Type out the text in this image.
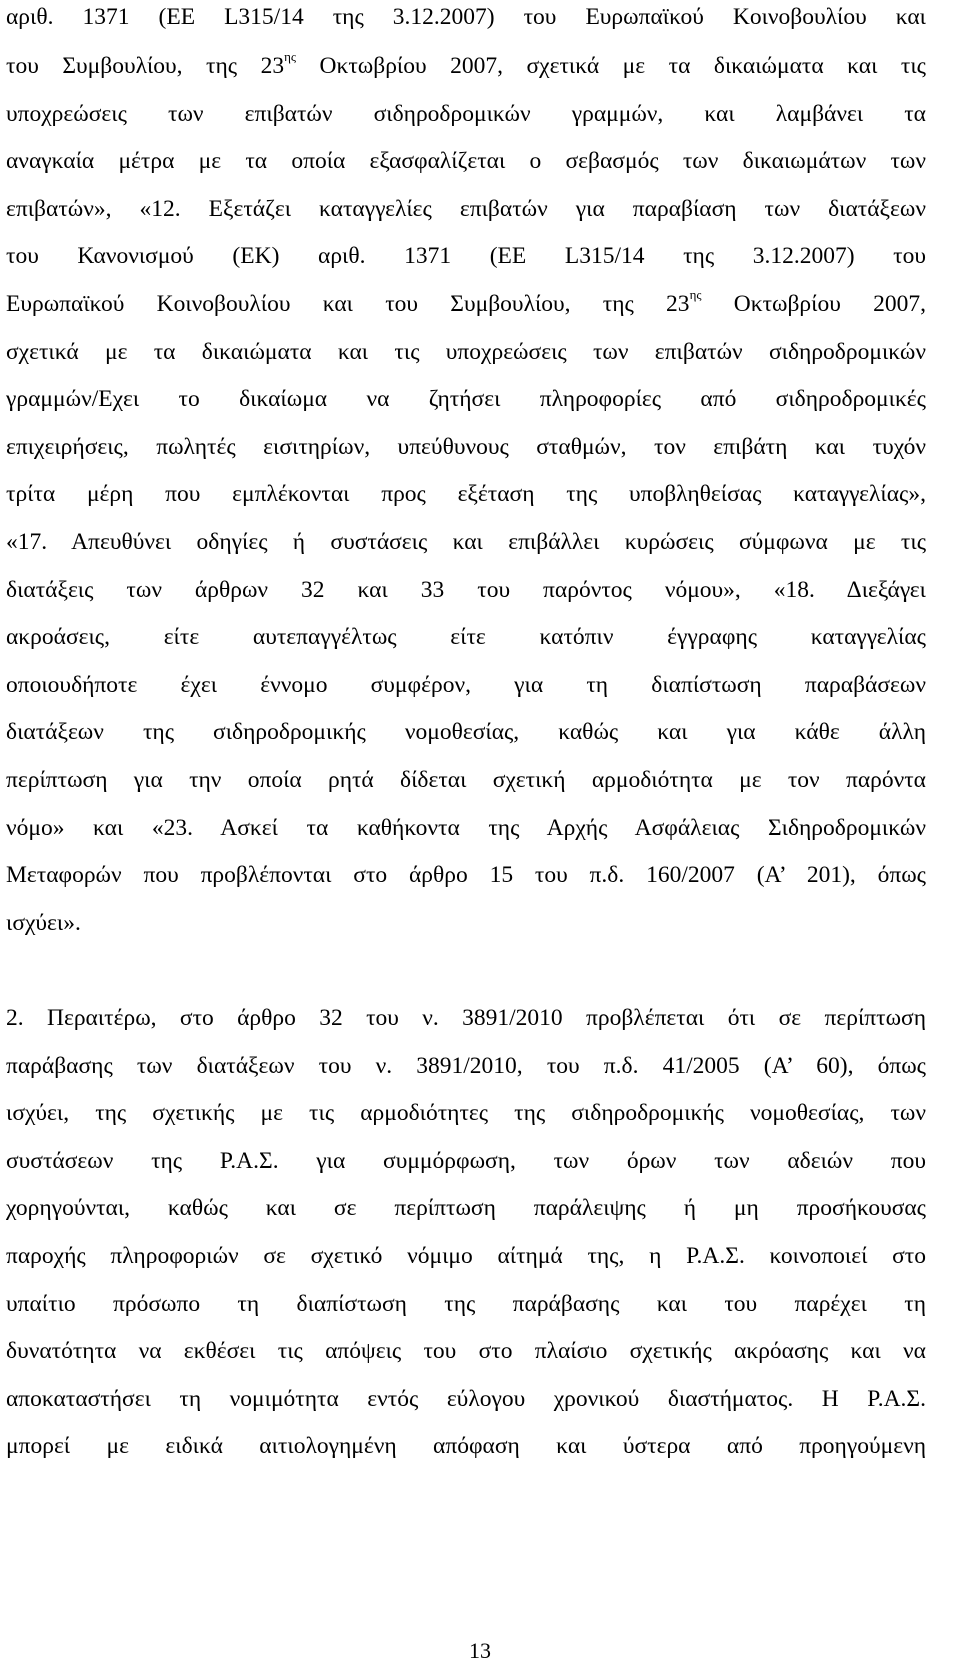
αριθ. 1371 (ΕΕ L315/14 της 3.12.2007) του Ευρωπαϊκού Κοινοβουλίου και
του Συμβουλίου, της $23^{\eta\varsigma}$ Οκτωβρίου 2007, σχετικά με τα δικαιώματα και τις
υποχρεώσεις των επιβατών σιδηροδρομικών γραμμών, και λαμβάνει τα
αναγκαία μέτρα με τα οποία εξασφαλίζεται ο σεβασμός των δικαιωμάτων των
επιβατών», «12. Εξετάζει καταγγελίες επιβατών για παραβίαση των διατάξεων
του Κανονισμού (ΕΚ) αριθ. 1371 (ΕΕ L315/14 της 3.12.2007) του
Ευρωπαϊκού Κοινοβουλίου και του Συμβουλίου, της $23^{\eta\varsigma}$ Οκτωβρίου 2007,
σχετικά με τα δικαιώματα και τις υποχρεώσεις των επιβατών σιδηροδρομικών
γραμμών/Εχει το δικαίωμα να ζητήσει πληροφορίες από σιδηροδρομικές
επιχειρήσεις, πωλητές εισιτηρίων, υπεύθυνους σταθμών, τον επιβάτη και τυχόν
τρίτα μέρη που εμπλέκονται προς εξέταση της υποβληθείσας καταγγελίας»,
«17. Απευθύνει οδηγίες ή συστάσεις και επιβάλλει κυρώσεις σύμφωνα με τις
διατάξεις των άρθρων 32 και 33 του παρόντος νόμου», «18. Διεξάγει
ακροάσεις, είτε αυτεπαγγέλτως είτε κατόπιν έγγραφης καταγγελίας
οποιουδήποτε έχει έννομο συμφέρον, για τη διαπίστωση παραβάσεων
διατάξεων της σιδηροδρομικής νομοθεσίας, καθώς και για κάθε άλλη
περίπτωση για την οποία ρητά δίδεται σχετική αρμοδιότητα με τον παρόντα
νόμο» και «23. Ασκεί τα καθήκοντα της Αρχής Ασφάλειας Σιδηροδρομικών
Μεταφορών που προβλέπονται στο άρθρο 15 του π.δ. 160/2007 (Α’ 201), όπως
ισχύει».
2. Περαιτέρω, στο άρθρο 32 του ν. 3891/2010 προβλέπεται ότι σε περίπτωση
παράβασης των διατάξεων του ν. 3891/2010, του π.δ. 41/2005 (Α’ 60), όπως
ισχύει, της σχετικής με τις αρμοδιότητες της σιδηροδρομικής νομοθεσίας, των
συστάσεων της Ρ.Α.Σ. για συμμόρφωση, των όρων των αδειών που
χορηγούνται, καθώς και σε περίπτωση παράλειψης ή μη προσήκουσας
παροχής πληροφοριών σε σχετικό νόμιμο αίτημά της, η Ρ.Α.Σ. κοινοποιεί στο
υπαίτιο πρόσωπο τη διαπίστωση της παράβασης και του παρέχει τη
δυνατότητα να εκθέσει τις απόψεις του στο πλαίσιο σχετικής ακρόασης και να
αποκαταστήσει τη νομιμότητα εντός εύλογου χρονικού διαστήματος. Η Ρ.Α.Σ.
μπορεί με ειδικά αιτιολογημένη απόφαση και ύστερα από προηγούμενη
13
